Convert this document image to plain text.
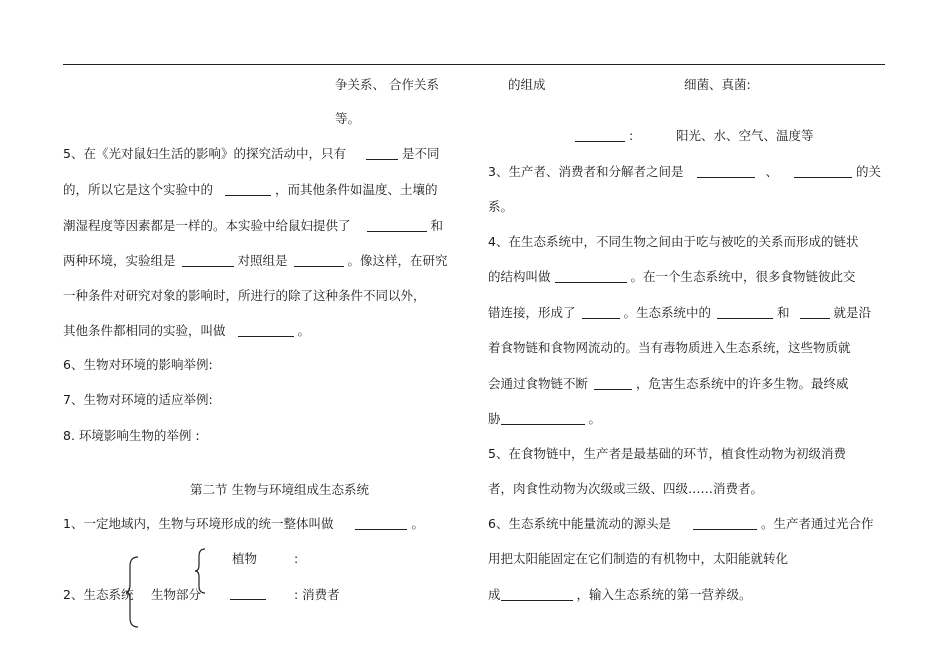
争关系、 合作关系
等。
的组成	细菌、真菌:
:	阳光、水、空气、温度等
5、在《光对鼠妇生活的影响》的探究活动中，只有	是不同
的，所以它是这个实验中的	，而其他条件如温度、土壤的
潮湿程度等因素都是一样的。本实验中给鼠妇提供了	和
两种环境，实验组是	对照组是	。像这样，在研究
一种条件对研究对象的影响时，所进行的除了这种条件不同以外，
其他条件都相同的实验，叫做	。
6、生物对环境的影响举例:
7、生物对环境的适应举例:
8. 环境影响生物的举例 :
第二节 生物与环境组成生态系统
1、一定地域内，生物与环境形成的统一整体叫做	。
植物	:
2、生态系统 生物部分	: 消费者
3、生产者、消费者和分解者之间是	、	的关
系。
4、在生态系统中，不同生物之间由于吃与被吃的关系而形成的链状
的结构叫做	。在一个生态系统中，很多食物链彼此交
错连接，形成了	。生态系统中的	和	就是沿
着食物链和食物网流动的。当有毒物质进入生态系统，这些物质就
会通过食物链不断	，危害生态系统中的许多生物。最终威
胁	。
5、在食物链中，生产者是最基础的环节，植食性动物为初级消费
者，肉食性动物为次级或三级、四级……消费者。
6、生态系统中能量流动的源头是	。生产者通过光合作
用把太阳能固定在它们制造的有机物中，太阳能就转化
成	，输入生态系统的第一营养级。
